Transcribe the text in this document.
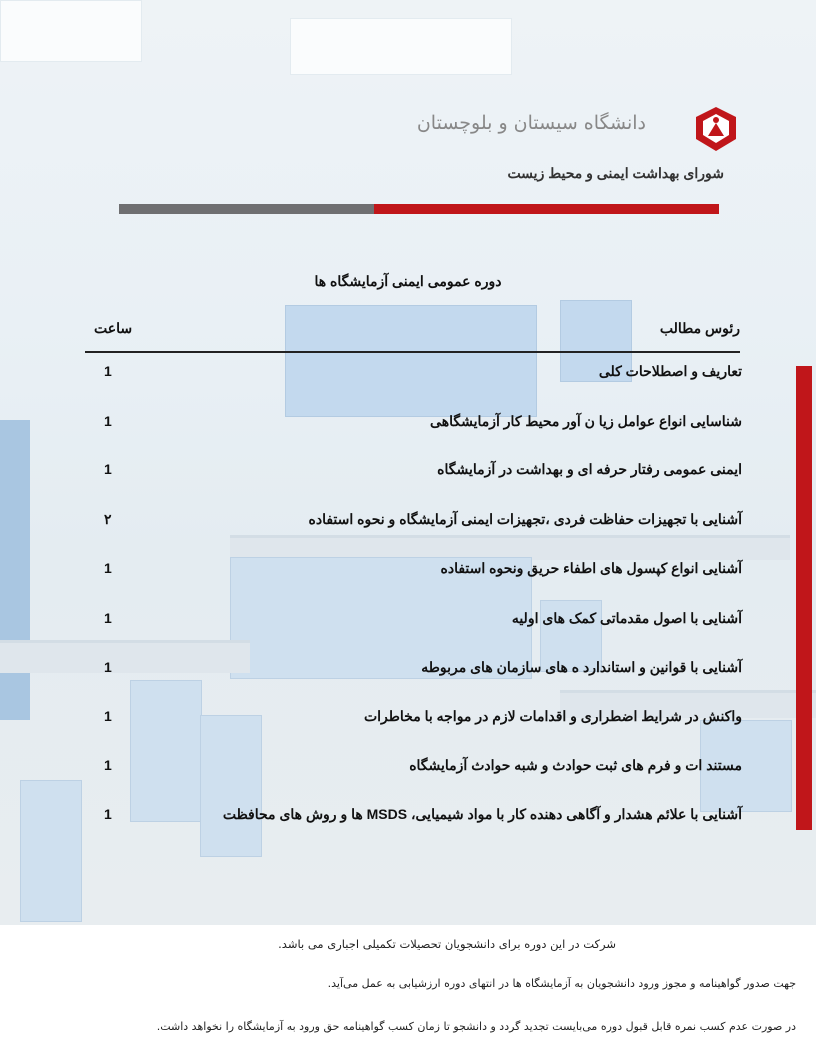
دانشگاه سیستان و بلوچستان
شورای بهداشت ایمنی و محیط زیست
دوره عمومی ایمنی آزمایشگاه ها
رئوس مطالب
ساعت
تعاریف و اصطلاحات کلی
1
شناسایی انواع عوامل زیا ن آور محیط کار آزمایشگاهی
1
ایمنی عمومی رفتار حرفه ای و بهداشت در آزمایشگاه
1
آشنایی با تجهیزات حفاظت فردی ،تجهیزات ایمنی آزمایشگاه و نحوه استفاده
۲
آشنایی انواع کپسول های اطفاء حریق ونحوه استفاده
1
آشنایی با اصول مقدماتی کمک های اولیه
1
آشنایی با قوانین و استاندارد ه های سازمان های مربوطه
1
واکنش در شرایط اضطراری و اقدامات لازم در مواجه با مخاطرات
1
مستند ات و فرم های ثبت حوادث و شبه حوادث آزمایشگاه
1
آشنایی با علائم هشدار و آگاهی دهنده کار با مواد شیمیایی، MSDS ها و روش های محافظت
1
شرکت در این دوره برای دانشجویان تحصیلات تکمیلی اجباری می باشد.
جهت صدور گواهینامه و مجوز ورود دانشجویان به آزمایشگاه ها در انتهای دوره ارزشیابی به عمل می‌آید.
در صورت عدم کسب نمره قابل قبول دوره می‌بایست تجدید گردد و دانشجو تا زمان کسب گواهینامه حق ورود به آزمایشگاه را نخواهد داشت.
